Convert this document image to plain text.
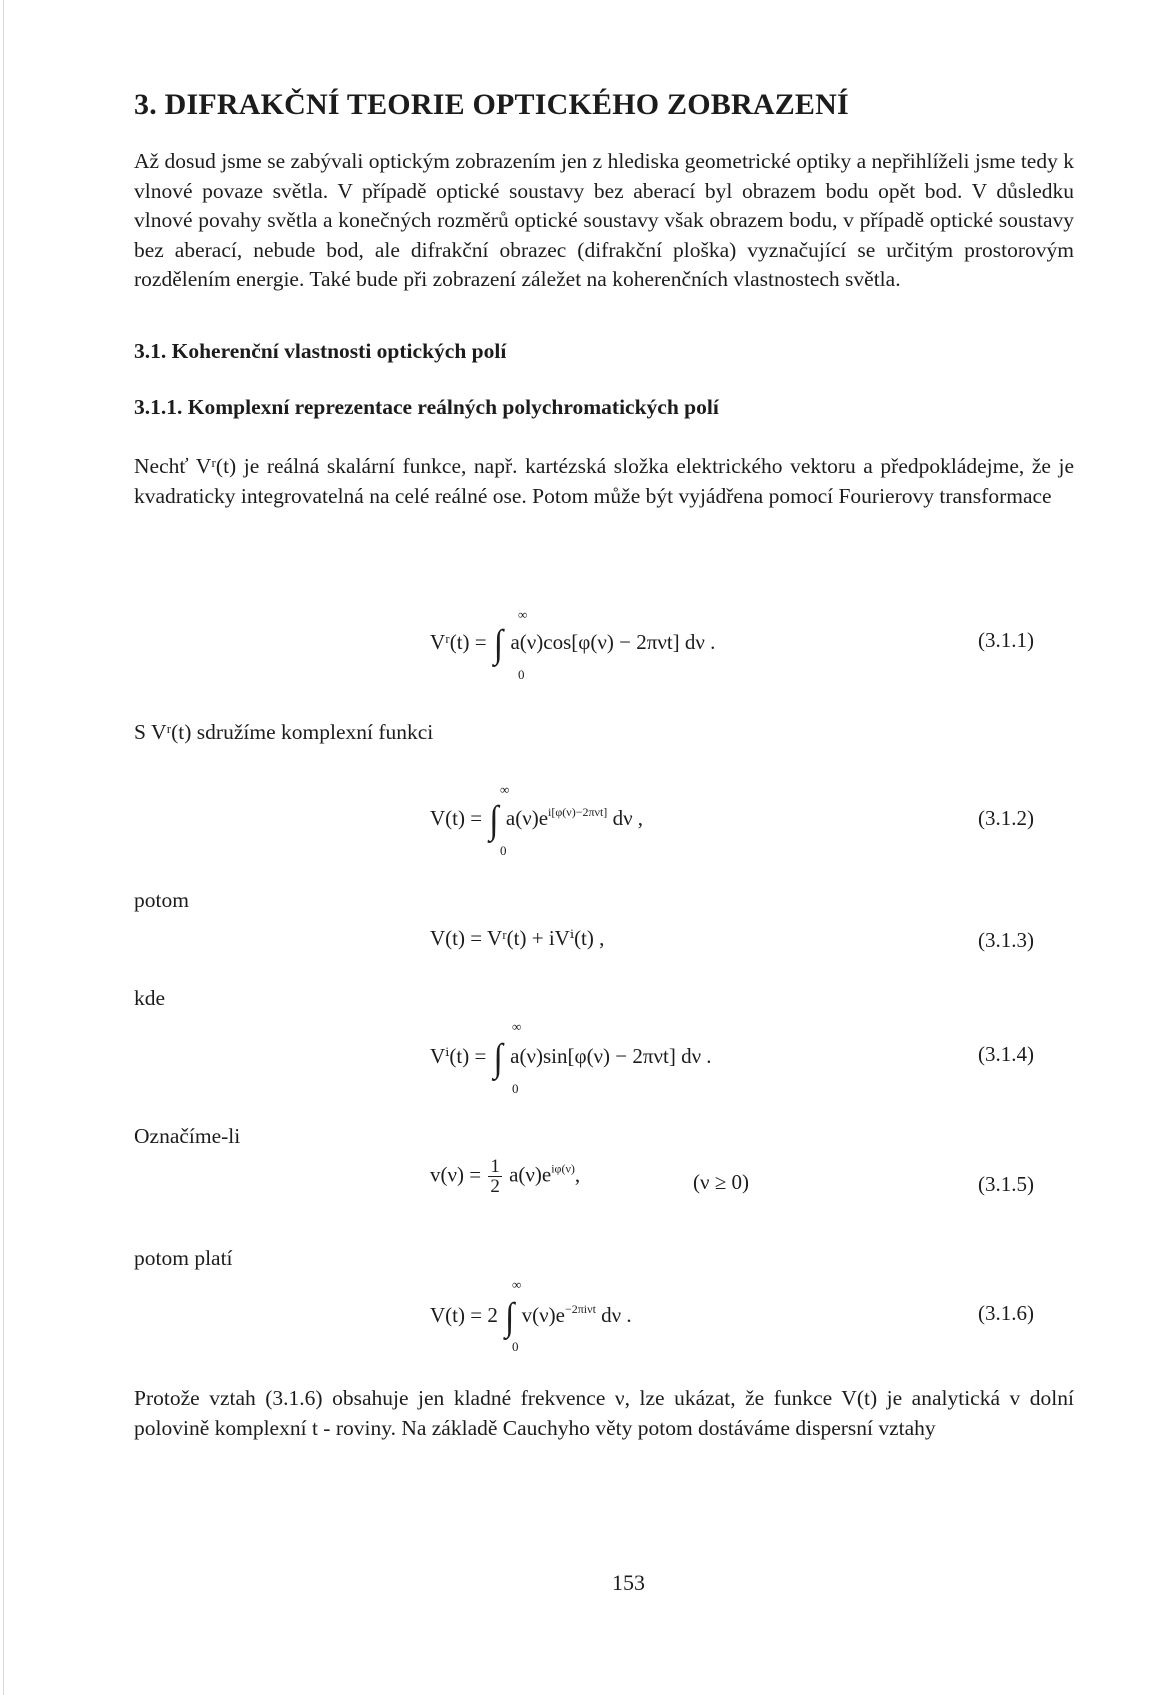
3. DIFRAKČNÍ TEORIE OPTICKÉHO ZOBRAZENÍ

Až dosud jsme se zabývali optickým zobrazením jen z hlediska geometrické optiky a nepřihlíželi jsme tedy k vlnové povaze světla. V případě optické soustavy bez aberací byl obrazem bodu opět bod. V důsledku vlnové povahy světla a konečných rozměrů optické soustavy však obrazem bodu, v případě optické soustavy bez aberací, nebude bod, ale difrakční obrazec (difrakční ploška) vyznačující se určitým prostorovým rozdělením energie. Také bude při zobrazení záležet na koherenčních vlastnostech světla.

3.1. Koherenční vlastnosti optických polí
3.1.1. Komplexní reprezentace reálných polychromatických polí

Nechť Vʳ(t) je reálná skalární funkce, např. kartézská složka elektrického vektoru a předpokládejme, že je kvadraticky integrovatelná na celé reálné ose. Potom může být vyjádřena pomocí Fourierovy transformace

Vʳ(t) = ∫ a(ν)cos[φ(ν) − 2πνt] dν .
∞
0
(3.1.1)
S Vʳ(t) sdružíme komplexní funkci
V(t) = ∫ $a(\nu)e^{i[\varphi(\nu)-2\pi\nu t]}$ dν ,
∞
0
(3.1.2)
potom
V(t) = Vʳ(t) + iVⁱ(t) ,	(3.1.3)
kde
Vⁱ(t) = ∫ a(ν)sin[φ(ν) − 2πνt] dν .
∞
0
(3.1.4)
Označíme-li
$v(\nu) = \frac{1}{2} a(\nu)e^{i\varphi(\nu)}$,	(ν ≥ 0)	(3.1.5)
potom platí
V(t) = 2 ∫ $v(\nu)e^{-2\pi i\nu t}$ dν .
∞
0
(3.1.6)

Protože vztah (3.1.6) obsahuje jen kladné frekvence ν, lze ukázat, že funkce V(t) je analytická v dolní polovině komplexní t - roviny. Na základě Cauchyho věty potom dostáváme dispersní vztahy

153
